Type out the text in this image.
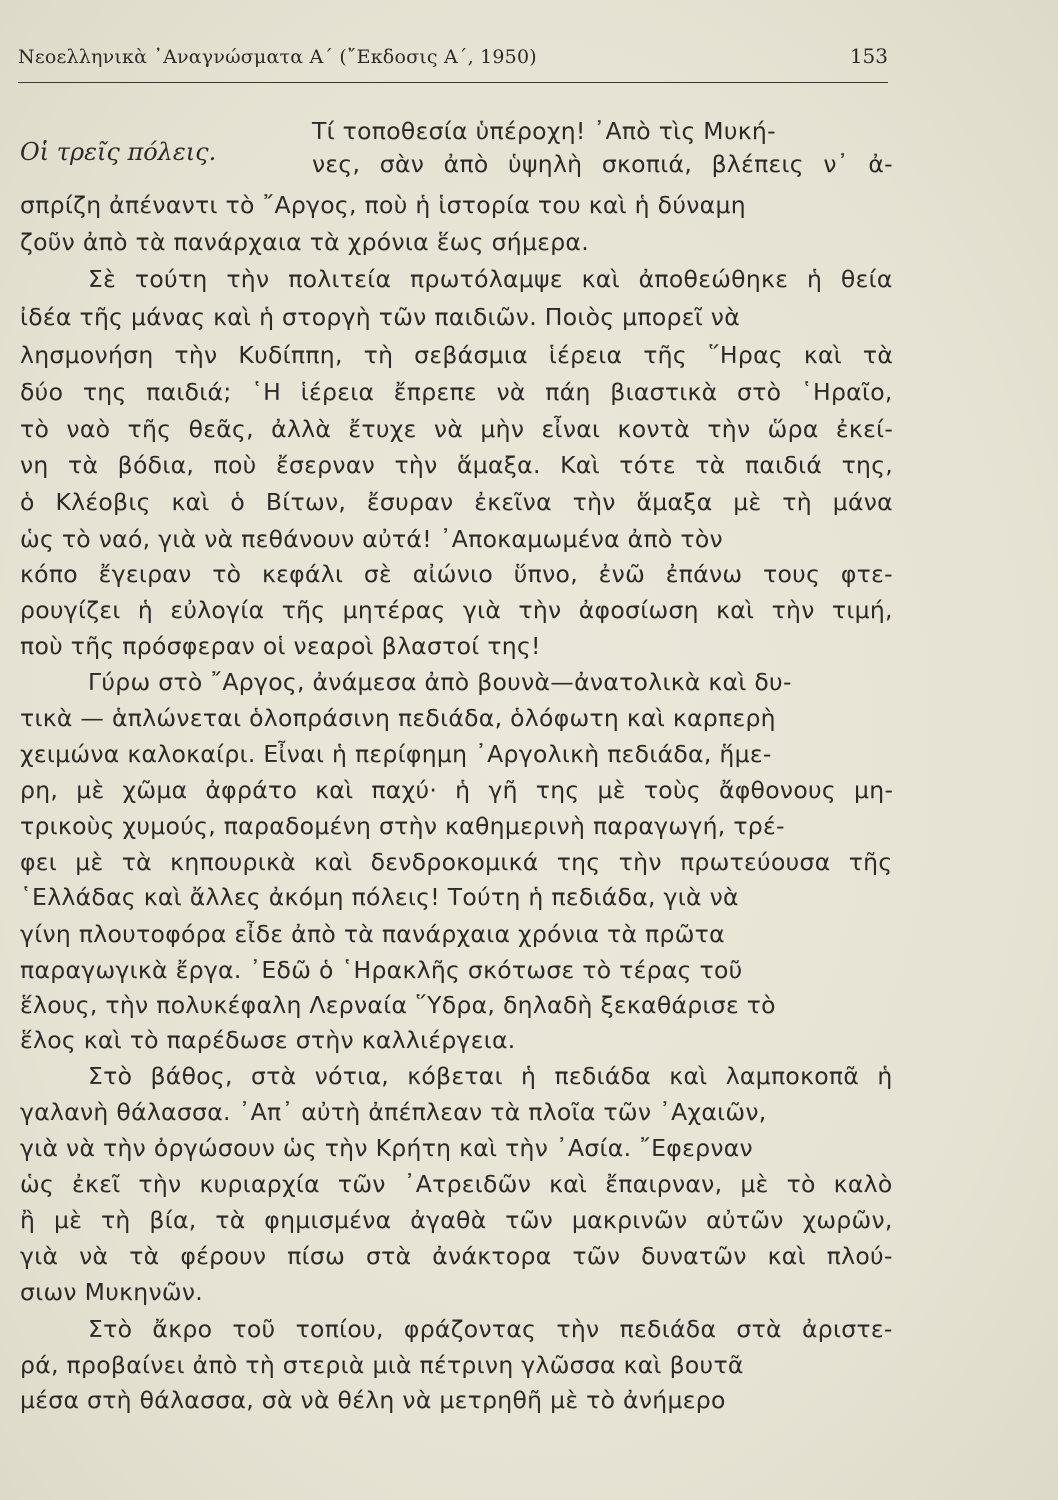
Νεοελληνικὰ ᾿Αναγνώσματα Α΄ (῎Εκδοσις Α΄, 1950)	153
Οἱ τρεῖς πόλεις.
Τί τοποθεσία ὑπέροχη! ᾿Απὸ τὶς Μυκή-
νες, σὰν ἀπὸ ὑψηλὴ σκοπιά, βλέπεις ν᾿ ἀ-
σπρίζη ἀπέναντι τὸ ῎Αργος, ποὺ ἡ ἱστορία του καὶ ἡ δύναμη
ζοῦν ἀπὸ τὰ πανάρχαια τὰ χρόνια ἕως σήμερα.
Σὲ τούτη τὴν πολιτεία πρωτόλαμψε καὶ ἀποθεώθηκε ἡ θεία
ἰδέα τῆς μάνας καὶ ἡ στοργὴ τῶν παιδιῶν. Ποιὸς μπορεῖ νὰ
λησμονήση τὴν Κυδίππη, τὴ σεβάσμια ἱέρεια τῆς ῞Ηρας καὶ τὰ
δύο της παιδιά; ῾Η ἱέρεια ἔπρεπε νὰ πάη βιαστικὰ στὸ ῾Ηραῖο,
τὸ ναὸ τῆς θεᾶς, ἀλλὰ ἔτυχε νὰ μὴν εἶναι κοντὰ τὴν ὥρα ἐκεί-
νη τὰ βόδια, ποὺ ἔσερναν τὴν ἅμαξα. Καὶ τότε τὰ παιδιά της,
ὁ Κλέοβις καὶ ὁ Βίτων, ἔσυραν ἐκεῖνα τὴν ἅμαξα μὲ τὴ μάνα
ὡς τὸ ναό, γιὰ νὰ πεθάνουν αὐτά! ᾿Αποκαμωμένα ἀπὸ τὸν
κόπο ἔγειραν τὸ κεφάλι σὲ αἰώνιο ὕπνο, ἐνῶ ἐπάνω τους φτε-
ρουγίζει ἡ εὐλογία τῆς μητέρας γιὰ τὴν ἀφοσίωση καὶ τὴν τιμή,
ποὺ τῆς πρόσφεραν οἱ νεαροὶ βλαστοί της!
Γύρω στὸ ῎Αργος, ἀνάμεσα ἀπὸ βουνὰ—ἀνατολικὰ καὶ δυ-
τικὰ — ἁπλώνεται ὁλοπράσινη πεδιάδα, ὁλόφωτη καὶ καρπερὴ
χειμώνα καλοκαίρι. Εἶναι ἡ περίφημη ᾿Αργολικὴ πεδιάδα, ἥμε-
ρη, μὲ χῶμα ἀφράτο καὶ παχύ· ἡ γῆ της μὲ τοὺς ἄφθονους μη-
τρικοὺς χυμούς, παραδομένη στὴν καθημερινὴ παραγωγή, τρέ-
φει μὲ τὰ κηπουρικὰ καὶ δενδροκομικά της τὴν πρωτεύουσα τῆς
῾Ελλάδας καὶ ἄλλες ἀκόμη πόλεις! Τούτη ἡ πεδιάδα, γιὰ νὰ
γίνη πλουτοφόρα εἶδε ἀπὸ τὰ πανάρχαια χρόνια τὰ πρῶτα
παραγωγικὰ ἔργα. ᾿Εδῶ ὁ ῾Ηρακλῆς σκότωσε τὸ τέρας τοῦ
ἕλους, τὴν πολυκέφαλη Λερναία ῞Υδρα, δηλαδὴ ξεκαθάρισε τὸ
ἕλος καὶ τὸ παρέδωσε στὴν καλλιέργεια.
Στὸ βάθος, στὰ νότια, κόβεται ἡ πεδιάδα καὶ λαμποκοπᾶ ἡ
γαλανὴ θάλασσα. ᾿Απ᾿ αὐτὴ ἀπέπλεαν τὰ πλοῖα τῶν ᾿Αχαιῶν,
γιὰ νὰ τὴν ὀργώσουν ὡς τὴν Κρήτη καὶ τὴν ᾿Ασία. ῎Εφερναν
ὡς ἐκεῖ τὴν κυριαρχία τῶν ᾿Ατρειδῶν καὶ ἔπαιρναν, μὲ τὸ καλὸ
ἢ μὲ τὴ βία, τὰ φημισμένα ἀγαθὰ τῶν μακρινῶν αὐτῶν χωρῶν,
γιὰ νὰ τὰ φέρουν πίσω στὰ ἀνάκτορα τῶν δυνατῶν καὶ πλού-
σιων Μυκηνῶν.
Στὸ ἄκρο τοῦ τοπίου, φράζοντας τὴν πεδιάδα στὰ ἀριστε-
ρά, προβαίνει ἀπὸ τὴ στεριὰ μιὰ πέτρινη γλῶσσα καὶ βουτᾶ
μέσα στὴ θάλασσα, σὰ νὰ θέλη νὰ μετρηθῆ μὲ τὸ ἀνήμερο
